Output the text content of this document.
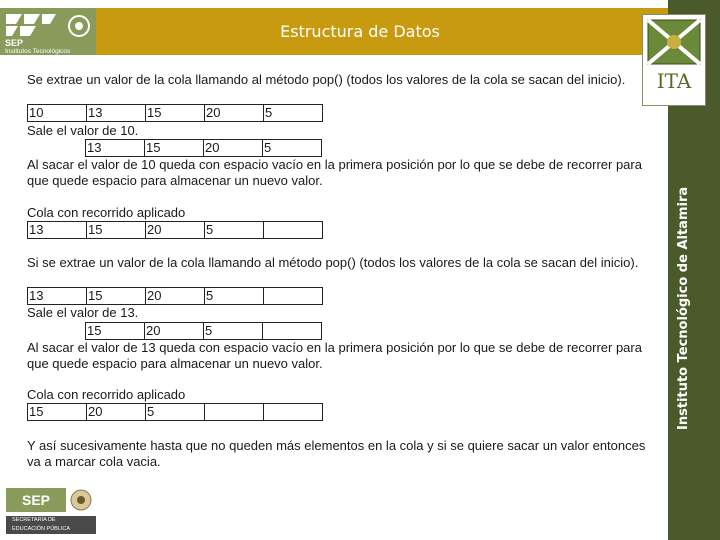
SEP
Institutos Tecnológicos
Estructura de Datos
Instituto Tecnológico de Altamira
ITA
Se extrae un valor de la cola llamando al método pop() (todos los valores de la cola se sacan del inicio).
10	13	15	20	5
Sale el valor de 10.
	13	15	20	5
Al sacar el valor de 10 queda con espacio vacío en la primera posición por lo que se debe de recorrer para que quede espacio para almacenar un nuevo valor.
Cola con recorrido aplicado
13	15	20	5	
Si se extrae un valor de la cola llamando al método pop() (todos los valores de la cola se sacan del inicio).
13	15	20	5	
Sale el valor de 13.
	15	20	5	
Al sacar el valor de 13 queda con espacio vacío en la primera posición por lo que se debe de recorrer para que quede espacio para almacenar un nuevo valor.
Cola con recorrido aplicado
15	20	5		
Y así sucesivamente hasta que no queden más elementos en la cola y si se quiere sacar un valor entonces va a marcar cola vacia.
SEP
SECRETARÍA DE
EDUCACIÓN PÚBLICA
